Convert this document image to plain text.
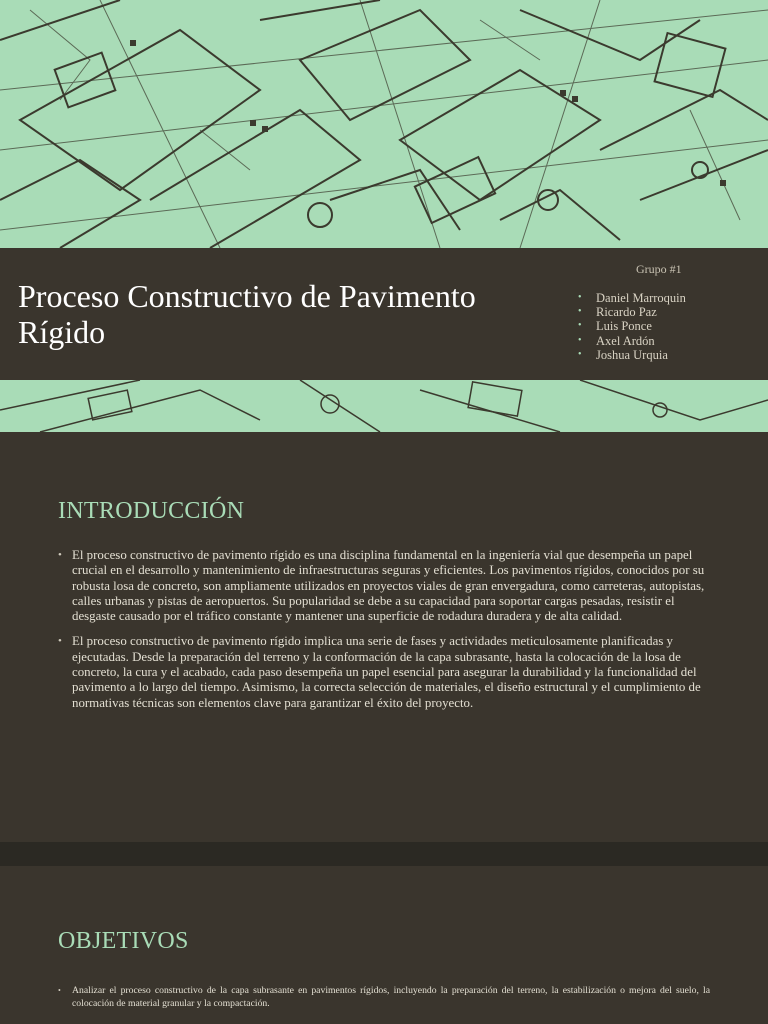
Proceso Constructivo de Pavimento Rígido
Grupo #1
• Daniel Marroquin
• Ricardo Paz
• Luis Ponce
• Axel Ardón
• Joshua Urquia
INTRODUCCIÓN
• El proceso constructivo de pavimento rígido es una disciplina fundamental en la ingeniería vial que desempeña un papel crucial en el desarrollo y mantenimiento de infraestructuras seguras y eficientes. Los pavimentos rígidos, conocidos por su robusta losa de concreto, son ampliamente utilizados en proyectos viales de gran envergadura, como carreteras, autopistas, calles urbanas y pistas de aeropuertos. Su popularidad se debe a su capacidad para soportar cargas pesadas, resistir el desgaste causado por el tráfico constante y mantener una superficie de rodadura duradera y de alta calidad.
• El proceso constructivo de pavimento rígido implica una serie de fases y actividades meticulosamente planificadas y ejecutadas. Desde la preparación del terreno y la conformación de la capa subrasante, hasta la colocación de la losa de concreto, la cura y el acabado, cada paso desempeña un papel esencial para asegurar la durabilidad y la funcionalidad del pavimento a lo largo del tiempo. Asimismo, la correcta selección de materiales, el diseño estructural y el cumplimiento de normativas técnicas son elementos clave para garantizar el éxito del proyecto.
OBJETIVOS
• Analizar el proceso constructivo de la capa subrasante en pavimentos rígidos, incluyendo la preparación del terreno, la estabilización o mejora del suelo, la colocación de material granular y la compactación.
